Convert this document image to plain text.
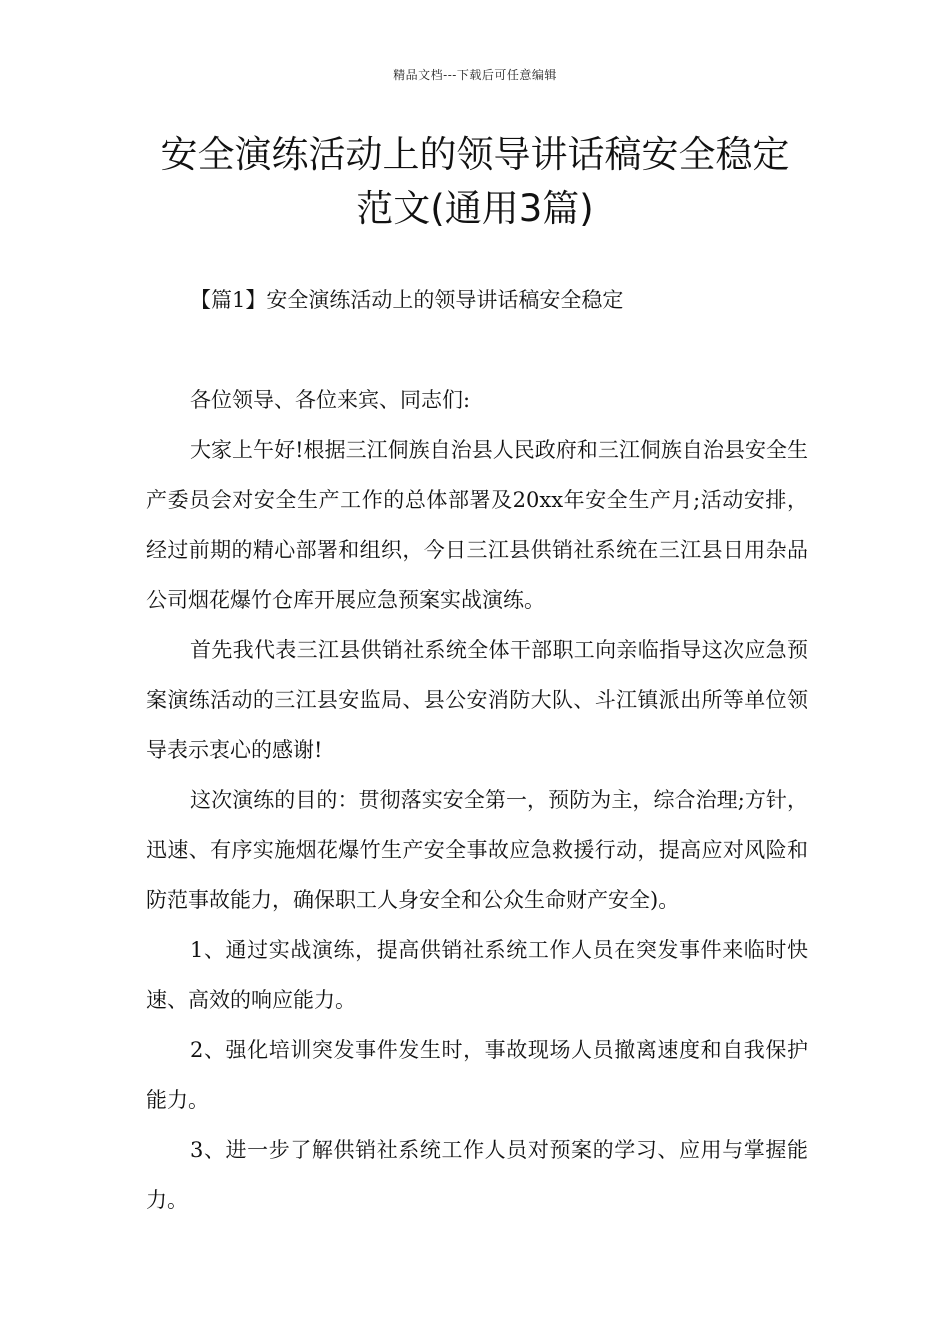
精品文档---下载后可任意编辑
安全演练活动上的领导讲话稿安全稳定
范文(通用3篇)
【篇1】安全演练活动上的领导讲话稿安全稳定

各位领导、各位来宾、同志们:

大家上午好!根据三江侗族自治县人民政府和三江侗族自治县安全生产委员会对安全生产工作的总体部署及20xx年安全生产月;活动安排，经过前期的精心部署和组织，今日三江县供销社系统在三江县日用杂品公司烟花爆竹仓库开展应急预案实战演练。

首先我代表三江县供销社系统全体干部职工向亲临指导这次应急预案演练活动的三江县安监局、县公安消防大队、斗江镇派出所等单位领导表示衷心的感谢!

这次演练的目的：贯彻落实安全第一，预防为主，综合治理;方针，迅速、有序实施烟花爆竹生产安全事故应急救援行动，提高应对风险和防范事故能力，确保职工人身安全和公众生命财产安全)。

1、通过实战演练，提高供销社系统工作人员在突发事件来临时快速、高效的响应能力。

2、强化培训突发事件发生时，事故现场人员撤离速度和自我保护能力。

3、进一步了解供销社系统工作人员对预案的学习、应用与掌握能力。
